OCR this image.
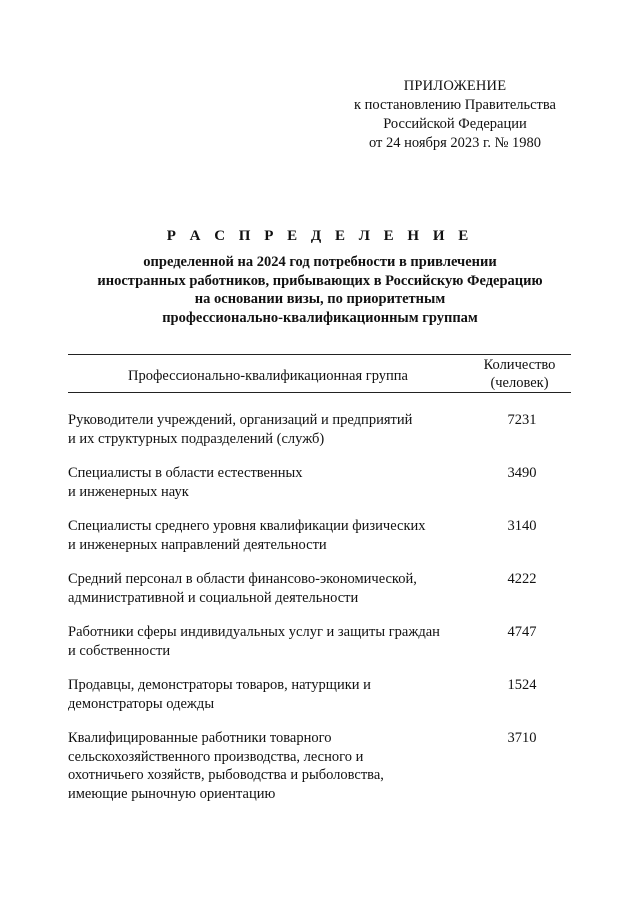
ПРИЛОЖЕНИЕ
к постановлению Правительства
Российской Федерации
от 24 ноября 2023 г. № 1980
Р А С П Р Е Д Е Л Е Н И Е
определенной на 2024 год потребности в привлечении
иностранных работников, прибывающих в Российскую Федерацию
на основании визы, по приоритетным
профессионально-квалификационным группам
Профессионально-квалификационная группа
Количество
(человек)
Руководители учреждений, организаций и предприятий
и их структурных подразделений (служб)
7231
Специалисты в области естественных
и инженерных наук
3490
Специалисты среднего уровня квалификации физических
и инженерных направлений деятельности
3140
Средний персонал в области финансово-экономической,
административной и социальной деятельности
4222
Работники сферы индивидуальных услуг и защиты граждан
и собственности
4747
Продавцы, демонстраторы товаров, натурщики и
демонстраторы одежды
1524
Квалифицированные работники товарного
сельскохозяйственного производства, лесного и
охотничьего хозяйств, рыбоводства и рыболовства,
имеющие рыночную ориентацию
3710
